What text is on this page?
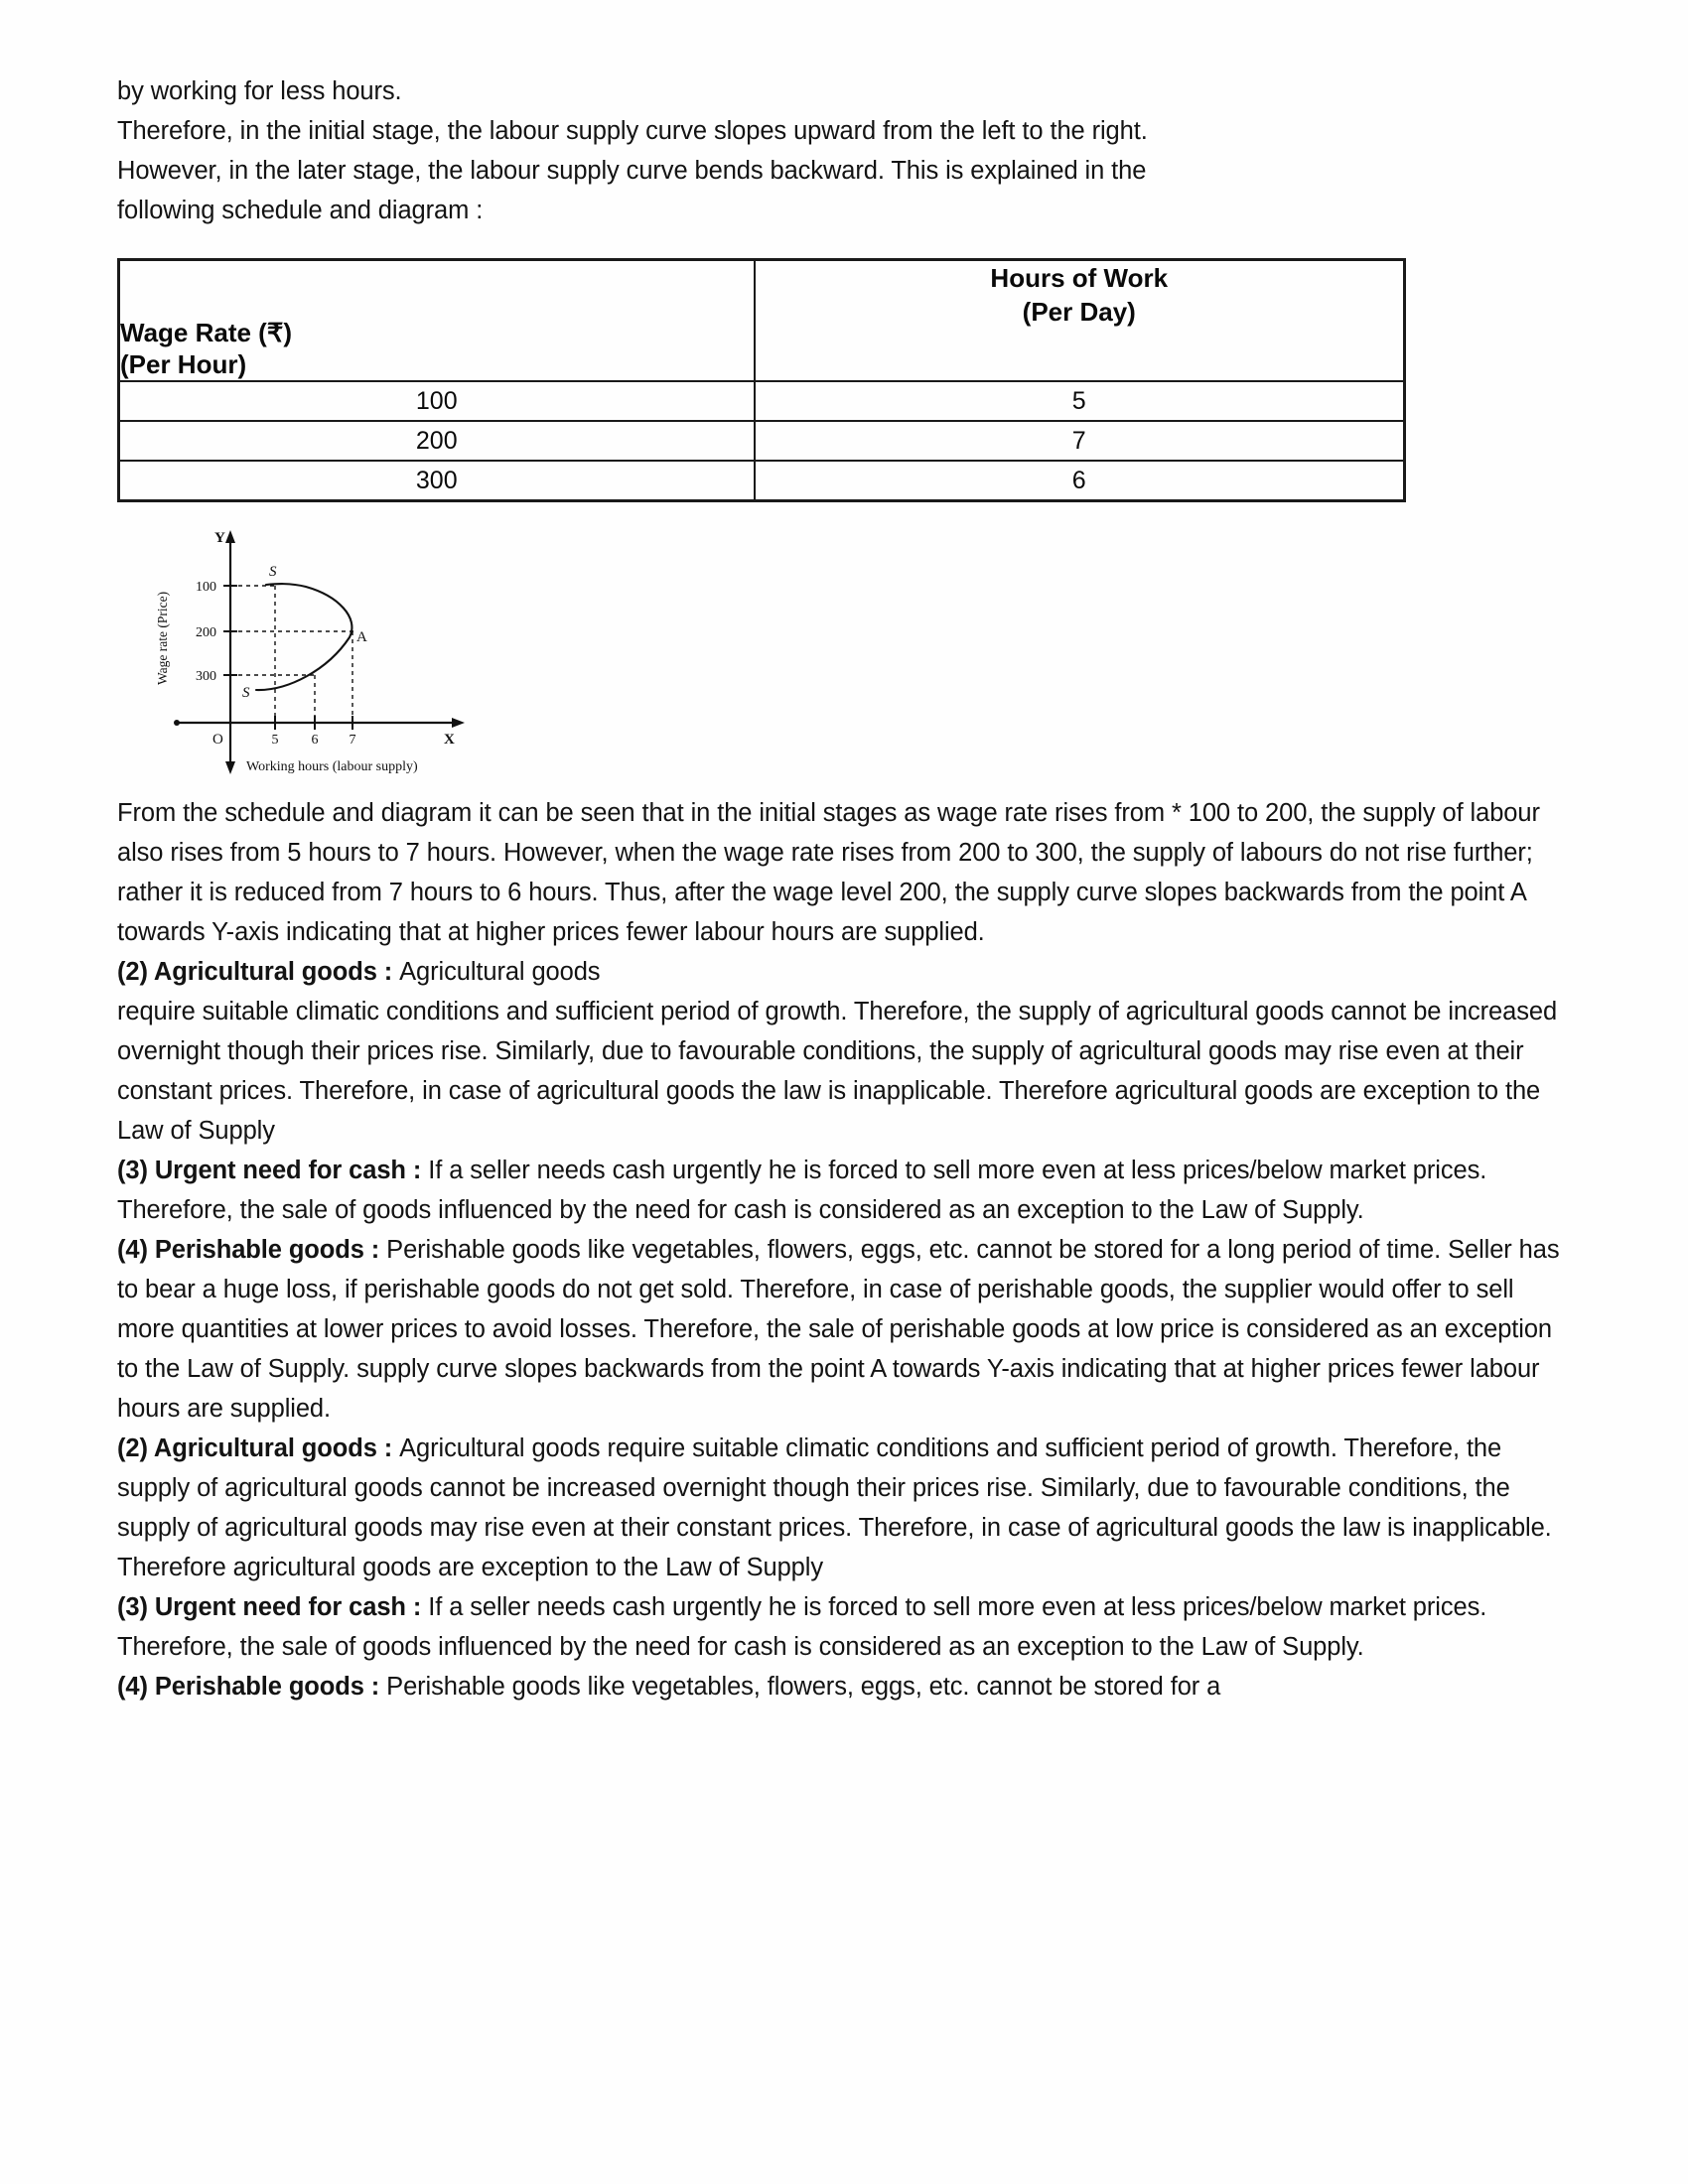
by working for less hours.

Therefore, in the initial stage, the labour supply curve slopes upward from the left to the right.

However, in the later stage, the labour supply curve bends backward. This is explained in the

following schedule and diagram :

Wage Rate (₹)
(Per Hour)

Hours of Work
(Per Day)

100	5
200	7
300	6
S
A
S
100
200
300
5 6 7
O	X
Y
Wage rate (Price)
Working hours (labour supply)

From the schedule and diagram it can be seen that in the initial stages as wage rate rises from * 100 to 200, the supply of labour also rises from 5 hours to 7 hours. However, when the wage rate rises from 200 to 300, the supply of labours do not rise further; rather it is reduced from 7 hours to 6 hours. Thus, after the wage level 200, the supply curve slopes backwards from the point A towards Y-axis indicating that at higher prices fewer labour hours are supplied.

(2) Agricultural goods : Agricultural goods

require suitable climatic conditions and sufficient period of growth. Therefore, the supply of agricultural goods cannot be increased overnight though their prices rise. Similarly, due to favourable conditions, the supply of agricultural goods may rise even at their constant prices. Therefore, in case of agricultural goods the law is inapplicable. Therefore agricultural goods are exception to the Law of Supply

(3) Urgent need for cash : If a seller needs cash urgently he is forced to sell more even at less prices/below market prices. Therefore, the sale of goods influenced by the need for cash is considered as an exception to the Law of Supply.

(4) Perishable goods : Perishable goods like vegetables, flowers, eggs, etc. cannot be stored for a long period of time. Seller has to bear a huge loss, if perishable goods do not get sold. Therefore, in case of perishable goods, the supplier would offer to sell more quantities at lower prices to avoid losses. Therefore, the sale of perishable goods at low price is considered as an exception to the Law of Supply. supply curve slopes backwards from the point A towards Y-axis indicating that at higher prices fewer labour hours are supplied.

(2) Agricultural goods : Agricultural goods require suitable climatic conditions and sufficient period of growth. Therefore, the supply of agricultural goods cannot be increased overnight though their prices rise. Similarly, due to favourable conditions, the supply of agricultural goods may rise even at their constant prices. Therefore, in case of agricultural goods the law is inapplicable. Therefore agricultural goods are exception to the Law of Supply

(3) Urgent need for cash : If a seller needs cash urgently he is forced to sell more even at less prices/below market prices. Therefore, the sale of goods influenced by the need for cash is considered as an exception to the Law of Supply.

(4) Perishable goods : Perishable goods like vegetables, flowers, eggs, etc. cannot be stored for a
